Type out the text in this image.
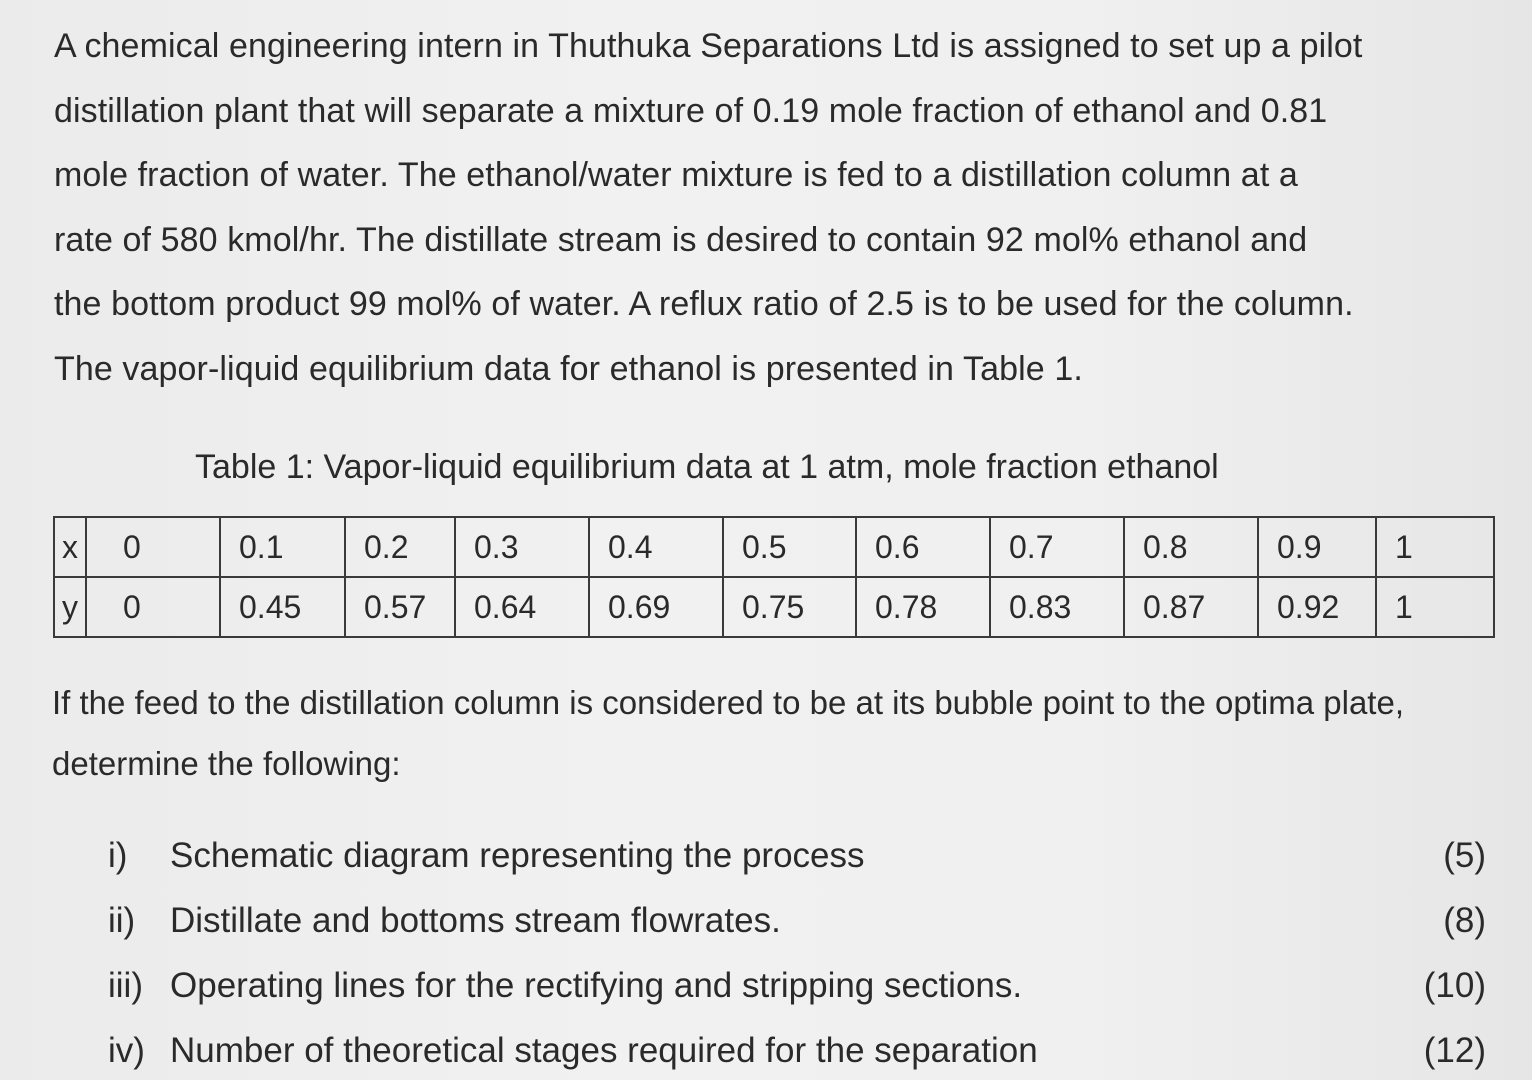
A chemical engineering intern in Thuthuka Separations Ltd is assigned to set up a pilot
distillation plant that will separate a mixture of 0.19 mole fraction of ethanol and 0.81
mole fraction of water. The ethanol/water mixture is fed to a distillation column at a
rate of 580 kmol/hr. The distillate stream is desired to contain 92 mol% ethanol and
the bottom product 99 mol% of water. A reflux ratio of 2.5 is to be used for the column.
The vapor-liquid equilibrium data for ethanol is presented in Table 1.
Table 1: Vapor-liquid equilibrium data at 1 atm, mole fraction ethanol
x	0	0.1	0.2	0.3	0.4	0.5	0.6	0.7	0.8	0.9	1
y	0	0.45	0.57	0.64	0.69	0.75	0.78	0.83	0.87	0.92	1
If the feed to the distillation column is considered to be at its bubble point to the optima plate,
determine the following:
i) Schematic diagram representing the process	(5)
ii) Distillate and bottoms stream flowrates.	(8)
iii) Operating lines for the rectifying and stripping sections.	(10)
iv) Number of theoretical stages required for the separation	(12)
